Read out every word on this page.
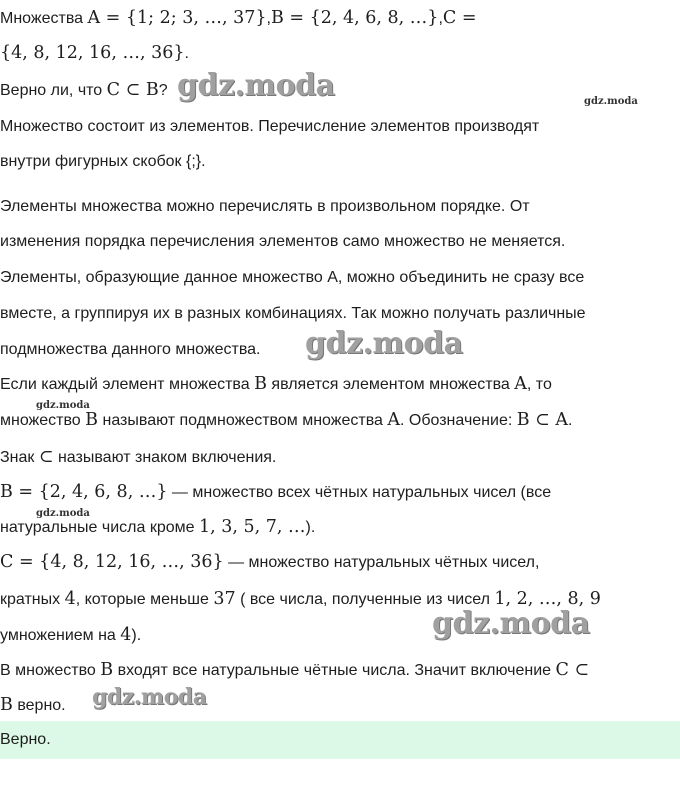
Множества A = {1; 2; 3, …, 37},B = {2, 4, 6, 8, …},C =
{4, 8, 12, 16, …, 36}.
Верно ли, что C ⊂ B?
Множество состоит из элементов. Перечисление элементов производят
внутри фигурных скобок {;}.
Элементы множества можно перечислять в произвольном порядке. От
изменения порядка перечисления элементов само множество не меняется.
Элементы, образующие данное множество А, можно объединить не сразу все
вместе, а группируя их в разных комбинациях. Так можно получать различные
подмножества данного множества.
Если каждый элемент множества B является элементом множества A, то
множество B называют подмножеством множества A. Обозначение: B ⊂ A.
Знак ⊂ называют знаком включения.
B = {2, 4, 6, 8, …} — множество всех чётных натуральных чисел (все
натуральные числа кроме 1, 3, 5, 7, …).
C = {4, 8, 12, 16, …, 36} — множество натуральных чётных чисел,
кратных 4, которые меньше 37 ( все числа, полученные из чисел 1, 2, …, 8, 9
умножением на 4).
В множество B входят все натуральные чётные числа. Значит включение C ⊂
B верно.
Верно.
gdz.moda	gdz.moda
gdz.moda
gdz.moda
gdz.moda
gdz.moda
gdz.moda
